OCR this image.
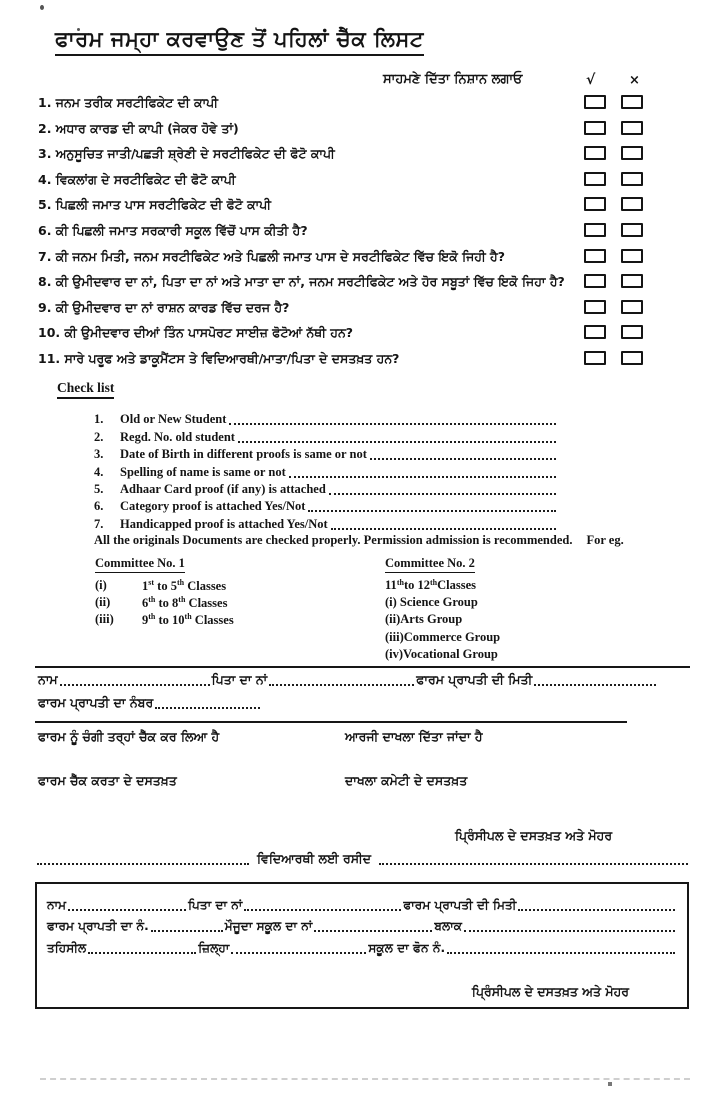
ਫਾਰਮ ਜਮ੍ਹਾ ਕਰਵਾਉਣ ਤੋਂ ਪਹਿਲਾਂ ਚੈੱਕ ਲਿਸਟ
ਸਾਹਮਣੇ ਦਿੱਤਾ ਨਿਸ਼ਾਨ ਲਗਾਓ	√	×
1. ਜਨਮ ਤਰੀਕ ਸਰਟੀਫਿਕੇਟ ਦੀ ਕਾਪੀ
2. ਅਧਾਰ ਕਾਰਡ ਦੀ ਕਾਪੀ (ਜੇਕਰ ਹੋਵੇ ਤਾਂ)
3. ਅਨੁਸੂਚਿਤ ਜਾਤੀ/ਪਛੜੀ ਸ਼੍ਰੇਣੀ ਦੇ ਸਰਟੀਫਿਕੇਟ ਦੀ ਫੋਟੋ ਕਾਪੀ
4. ਵਿਕਲਾਂਗ ਦੇ ਸਰਟੀਫਿਕੇਟ ਦੀ ਫੋਟੋ ਕਾਪੀ
5. ਪਿਛਲੀ ਜਮਾਤ ਪਾਸ ਸਰਟੀਫਿਕੇਟ ਦੀ ਫੋਟੋ ਕਾਪੀ
6. ਕੀ ਪਿਛਲੀ ਜਮਾਤ ਸਰਕਾਰੀ ਸਕੂਲ ਵਿੱਚੋਂ ਪਾਸ ਕੀਤੀ ਹੈ?
7. ਕੀ ਜਨਮ ਮਿਤੀ, ਜਨਮ ਸਰਟੀਫਿਕੇਟ ਅਤੇ ਪਿਛਲੀ ਜਮਾਤ ਪਾਸ ਦੇ ਸਰਟੀਫਿਕੇਟ ਵਿੱਚ ਇਕੋ ਜਿਹੀ ਹੈ?
8. ਕੀ ਉਮੀਦਵਾਰ ਦਾ ਨਾਂ, ਪਿਤਾ ਦਾ ਨਾਂ ਅਤੇ ਮਾਤਾ ਦਾ ਨਾਂ, ਜਨਮ ਸਰਟੀਫਿਕੇਟ ਅਤੇ ਹੋਰ ਸਬੂਤਾਂ ਵਿੱਚ ਇਕੋ ਜਿਹਾ ਹੈ?
9. ਕੀ ਉਮੀਦਵਾਰ ਦਾ ਨਾਂ ਰਾਸ਼ਨ ਕਾਰਡ ਵਿੱਚ ਦਰਜ ਹੈ?
10. ਕੀ ਉਮੀਦਵਾਰ ਦੀਆਂ ਤਿੰਨ ਪਾਸਪੋਰਟ ਸਾਈਜ਼ ਫੋਟੋਆਂ ਨੱਥੀ ਹਨ?
11. ਸਾਰੇ ਪਰੂਫ ਅਤੇ ਡਾਕੂਮੈਂਟਸ ਤੇ ਵਿਦਿਆਰਥੀ/ਮਾਤਾ/ਪਿਤਾ ਦੇ ਦਸਤਖ਼ਤ ਹਨ?
Check list
1.	Old or New Student
2.	Regd. No. old student
3.	Date of Birth in different proofs is same or not
4.	Spelling of name is same or not
5.	Adhaar Card proof (if any) is attached
6.	Category proof is attached Yes/Not
7.	Handicapped proof is attached Yes/Not
All the originals Documents are checked properly. Permission admission is recommended. For eg.
Committee No. 1
(i)	1st to 5th Classes
(ii)	6th to 8th Classes
(iii)	9th to 10th Classes
Committee No. 2
11 th to 12 th Classes
(i) Science Group
(ii)Arts Group
(iii)Commerce Group
(iv)Vocational Group
ਨਾਮ	ਪਿਤਾ ਦਾ ਨਾਂ	ਫਾਰਮ ਪ੍ਰਾਪਤੀ ਦੀ ਮਿਤੀ
ਫਾਰਮ ਪ੍ਰਾਪਤੀ ਦਾ ਨੰਬਰ
ਫਾਰਮ ਨੂੰ ਚੰਗੀ ਤਰ੍ਹਾਂ ਚੈੱਕ ਕਰ ਲਿਆ ਹੈ	ਆਰਜੀ ਦਾਖਲਾ ਦਿੱਤਾ ਜਾਂਦਾ ਹੈ
ਫਾਰਮ ਚੈੱਕ ਕਰਤਾ ਦੇ ਦਸਤਖ਼ਤ	ਦਾਖਲਾ ਕਮੇਟੀ ਦੇ ਦਸਤਖ਼ਤ
ਪ੍ਰਿੰਸੀਪਲ ਦੇ ਦਸਤਖ਼ਤ ਅਤੇ ਮੋਹਰ
ਵਿਦਿਆਰਥੀ ਲਈ ਰਸੀਦ
ਨਾਮ	ਪਿਤਾ ਦਾ ਨਾਂ	ਫਾਰਮ ਪ੍ਰਾਪਤੀ ਦੀ ਮਿਤੀ
ਫਾਰਮ ਪ੍ਰਾਪਤੀ ਦਾ ਨੰ.	ਮੌਜੂਦਾ ਸਕੂਲ ਦਾ ਨਾਂ	ਬਲਾਕ
ਤਹਿਸੀਲ	ਜ਼ਿਲ੍ਹਾ	ਸਕੂਲ ਦਾ ਫੋਨ ਨੰ.
ਪ੍ਰਿੰਸੀਪਲ ਦੇ ਦਸਤਖ਼ਤ ਅਤੇ ਮੋਹਰ
